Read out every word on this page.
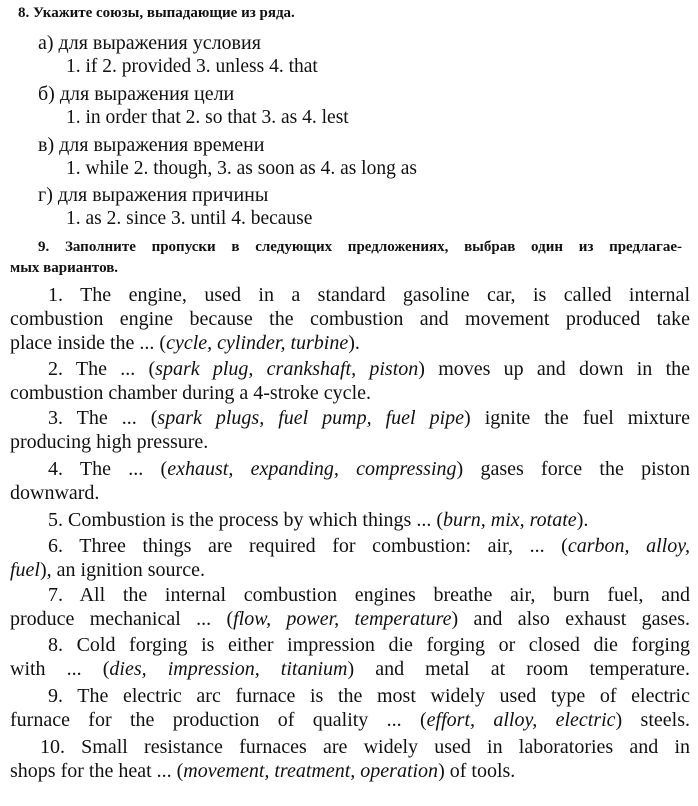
8. Укажите союзы, выпадающие из ряда.
а) для выражения условия
1. if 2. provided 3. unless 4. that
б) для выражения цели
1. in order that 2. so that 3. as 4. lest
в) для выражения времени
1. while 2. though, 3. as soon as 4. as long as
г) для выражения причины
1. as 2. since 3. until 4. because
9. Заполните пропуски в следующих предложениях, выбрав один из предлагае-
мых вариантов.
1. The engine, used in a standard gasoline car, is called internal
combustion engine because the combustion and movement produced take
place inside the ... (cycle, cylinder, turbine).
2. The ... (spark plug, crankshaft, piston) moves up and down in the
combustion chamber during a 4-stroke cycle.
3. The ... (spark plugs, fuel pump, fuel pipe) ignite the fuel mixture
producing high pressure.
4. The ... (exhaust, expanding, compressing) gases force the piston
downward.
5. Combustion is the process by which things ... (burn, mix, rotate).
6. Three things are required for combustion: air, ... (carbon, alloy,
fuel), an ignition source.
7. All the internal combustion engines breathe air, burn fuel, and
produce mechanical ... (flow, power, temperature) and also exhaust gases.
8. Cold forging is either impression die forging or closed die forging
with ... (dies, impression, titanium) and metal at room temperature.
9. The electric arc furnace is the most widely used type of electric
furnace for the production of quality ... (effort, alloy, electric) steels.
10. Small resistance furnaces are widely used in laboratories and in
shops for the heat ... (movement, treatment, operation) of tools.
